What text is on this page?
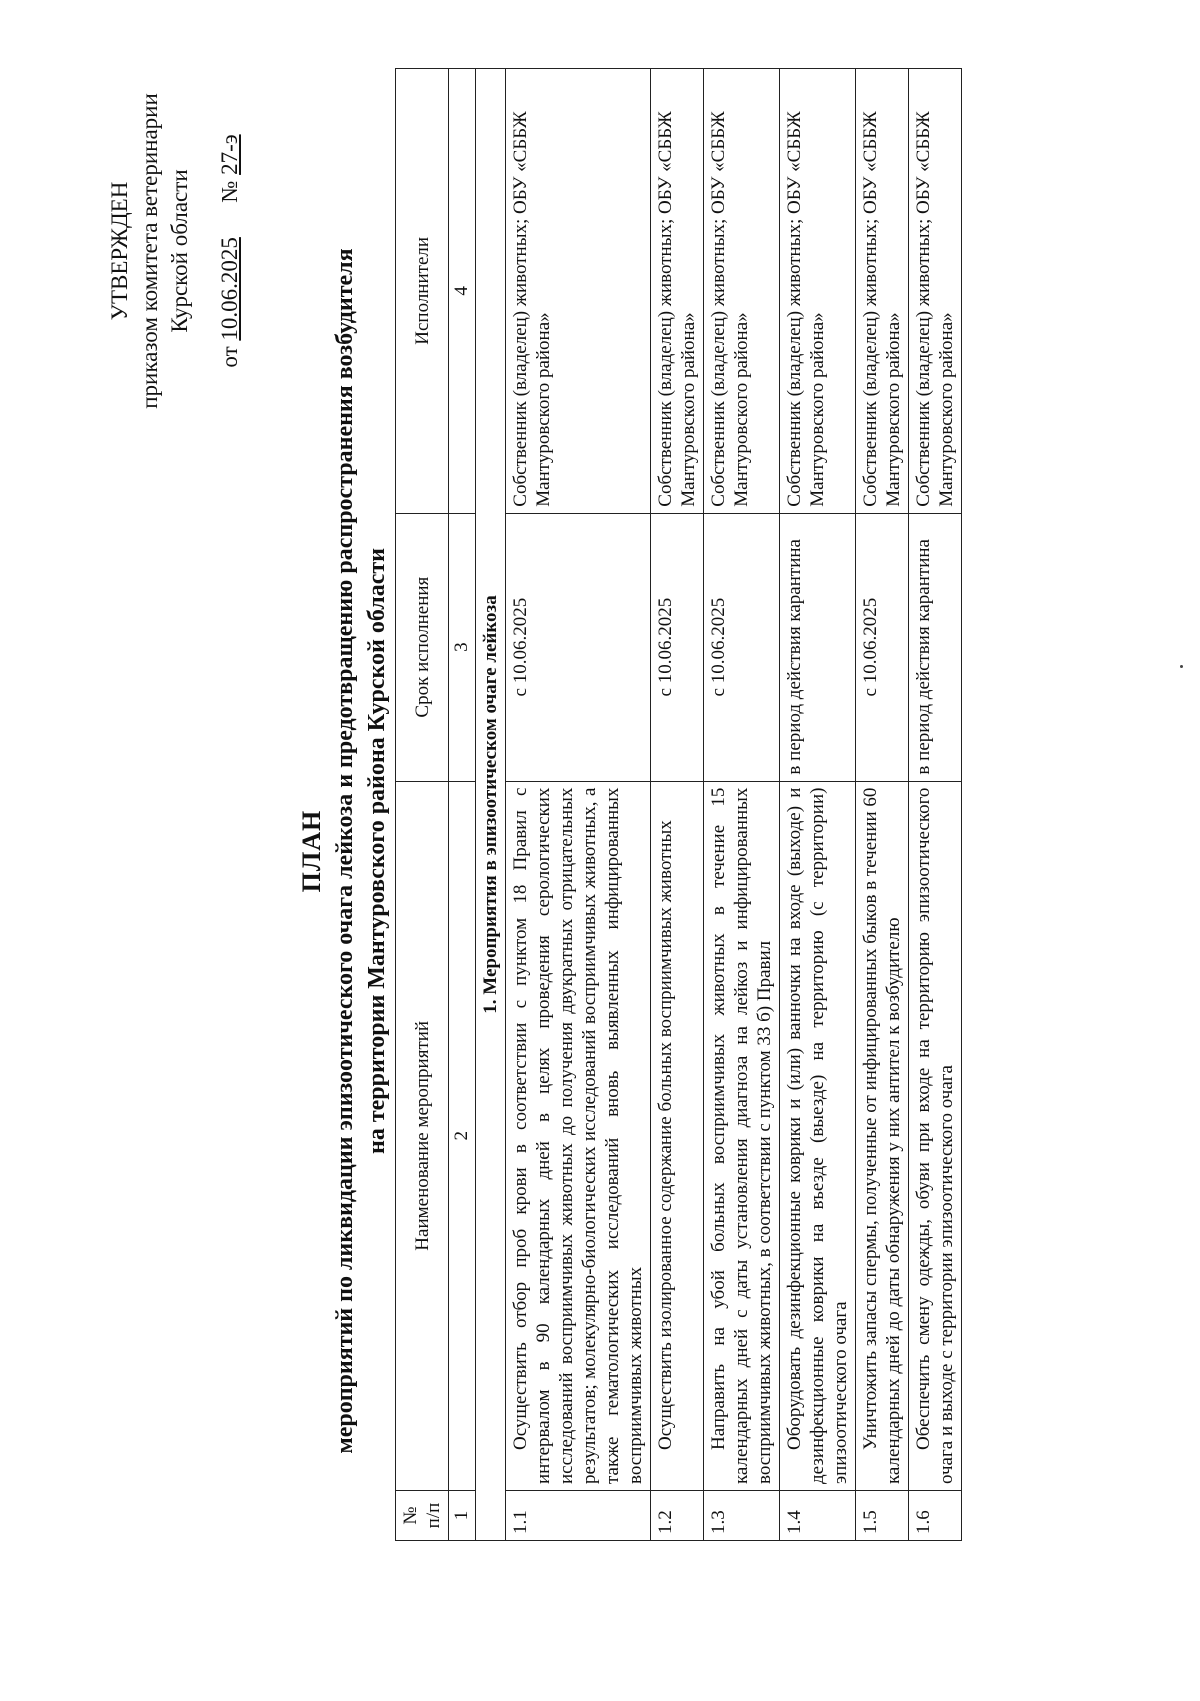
УТВЕРЖДЕН приказом комитета ветеринарии Курской области
от 10.06.2025      № 27-э
ПЛАН мероприятий по ликвидации эпизоотического очага лейкоза и предотвращению распространения возбудителя на территории Мантуровского района Курской области
№ п/п	Наименование мероприятий	Срок исполнения	Исполнители
1	2	3	4
1. Мероприятия в эпизоотическом очаге лейкоза			
1.1	Осуществить отбор проб крови в соответствии с пунктом 18 Правил с интервалом в 90 календарных дней в целях проведения серологических исследований восприимчивых животных до получения двукратных отрицательных результатов; молекулярно-биологических исследований восприимчивых животных, а также гематологических исследований вновь выявленных инфицированных восприимчивых животных	с 10.06.2025	Собственник (владелец) животных; ОБУ «СББЖ Мантуровского района»
1.2	Осуществить изолированное содержание больных восприимчивых животных	с 10.06.2025	Собственник (владелец) животных; ОБУ «СББЖ Мантуровского района»
1.3	Направить на убой больных восприимчивых животных в течение 15 календарных дней с даты установления диагноза на лейкоз и инфицированных восприимчивых животных, в соответствии с пунктом 33 б) Правил	с 10.06.2025	Собственник (владелец) животных; ОБУ «СББЖ Мантуровского района»
1.4	Оборудовать дезинфекционные коврики и (или) ванночки на входе (выходе) и дезинфекционные коврики на въезде (выезде) на территорию (с территории) эпизоотического очага	в период действия карантина	Собственник (владелец) животных; ОБУ «СББЖ Мантуровского района»
1.5	Уничтожить запасы спермы, полученные от инфицированных быков в течении 60 календарных дней до даты обнаружения у них антител к возбудителю	с 10.06.2025	Собственник (владелец) животных; ОБУ «СББЖ Мантуровского района»
1.6	Обеспечить смену одежды, обуви при входе на территорию эпизоотического очага и выходе с территории эпизоотического очага	в период действия карантина	Собственник (владелец) животных; ОБУ «СББЖ Мантуровского района»
